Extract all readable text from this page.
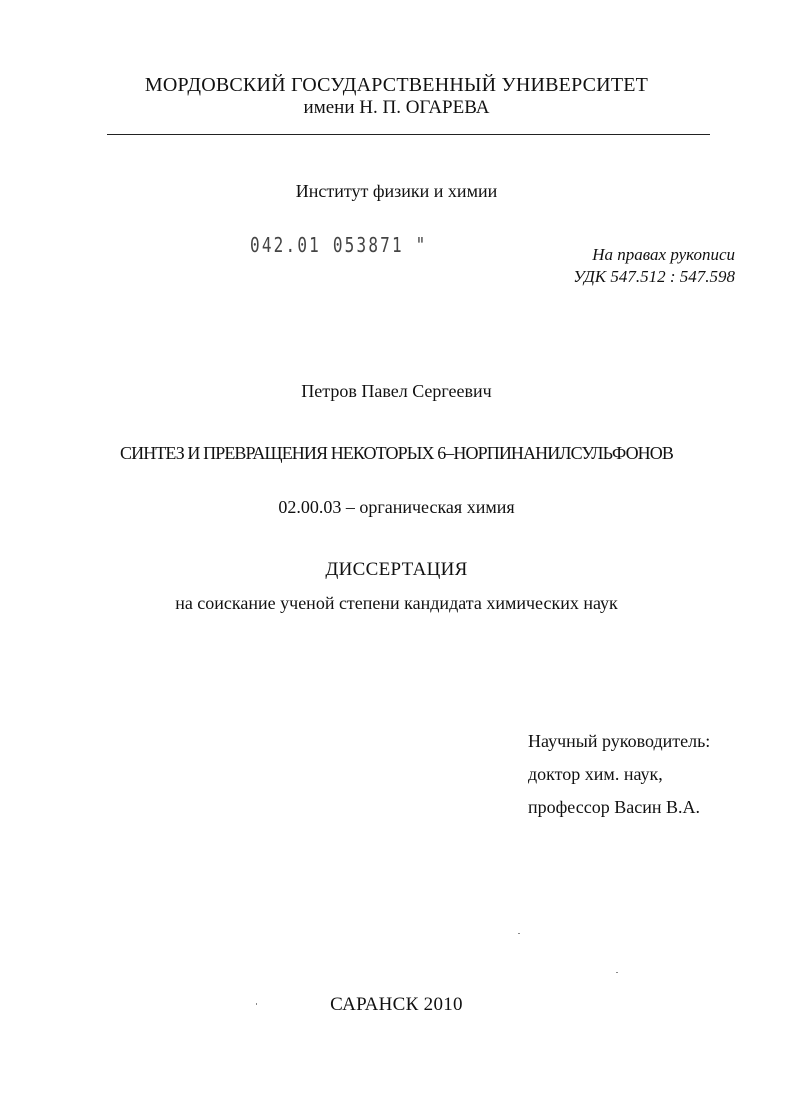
МОРДОВСКИЙ ГОСУДАРСТВЕННЫЙ УНИВЕРСИТЕТ
имени Н. П. ОГАРЕВА
Институт физики и химии
042.01 053871 "	На правах рукописи
УДК 547.512 : 547.598
Петров Павел Сергеевич
СИНТЕЗ И ПРЕВРАЩЕНИЯ НЕКОТОРЫХ 6–НОРПИНАНИЛСУЛЬФОНОВ
02.00.03 – органическая химия
ДИССЕРТАЦИЯ
на соискание ученой степени кандидата химических наук
Научный руководитель:
доктор хим. наук,
профессор Васин В.А.
САРАНСК 2010
